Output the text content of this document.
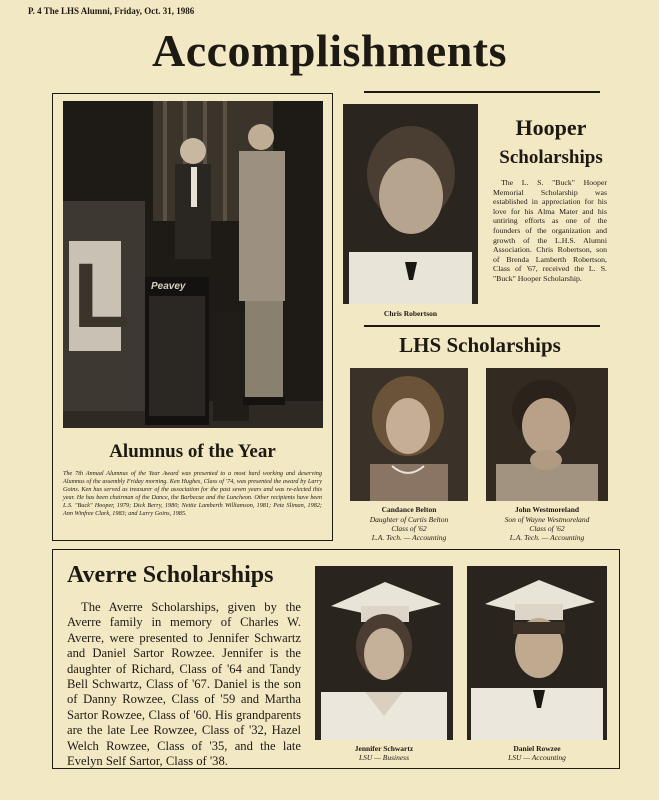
P. 4 The LHS Alumni, Friday, Oct. 31, 1986
Accomplishments
L Peavey
Alumnus of the Year
The 7th Annual Alumnus of the Year Award was presented to a most hard working and deserving Alumnus of the assembly Friday morning. Ken Hughes, Class of '74, was presented the award by Larry Goins. Ken has served as treasurer of the association for the past seven years and was re-elected this year. He has been chairman of the Dance, the Barbecue and the Luncheon. Other recipients have been L.S. "Buck" Hooper, 1979; Dick Berry, 1980; Nettie Lamberth Williamson, 1981; Pete Sliman, 1982; Ann Winfree Clark, 1983; and Larry Goins, 1985.
Chris Robertson
Hooper
Scholarships
The L. S. "Buck" Hooper Memorial Scholarship was established in appreciation for his love for his Alma Mater and his untiring efforts as one of the founders of the organization and growth of the L.H.S. Alumni Association. Chris Robertson, son of Brenda Lamberth Robertson, Class of '67, received the L. S. "Buck" Hooper Scholarship.
LHS Scholarships
Candance Belton
Daughter of Curtis Belton
Class of '62
L.A. Tech. — Accounting
John Westmoreland
Son of Wayne Westmoreland
Class of '62
L.A. Tech. — Accounting
Averre Scholarships
The Averre Scholarships, given by the Averre family in memory of Charles W. Averre, were presented to Jennifer Schwartz and Daniel Sartor Rowzee. Jennifer is the daughter of Richard, Class of '64 and Tandy Bell Schwartz, Class of '67. Daniel is the son of Danny Rowzee, Class of '59 and Martha Sartor Rowzee, Class of '60. His grandparents are the late Lee Rowzee, Class of '32, Hazel Welch Rowzee, Class of '35, and the late Evelyn Self Sartor, Class of '38.
Jennifer Schwartz
LSU — Business
Daniel Rowzee
LSU — Accounting
